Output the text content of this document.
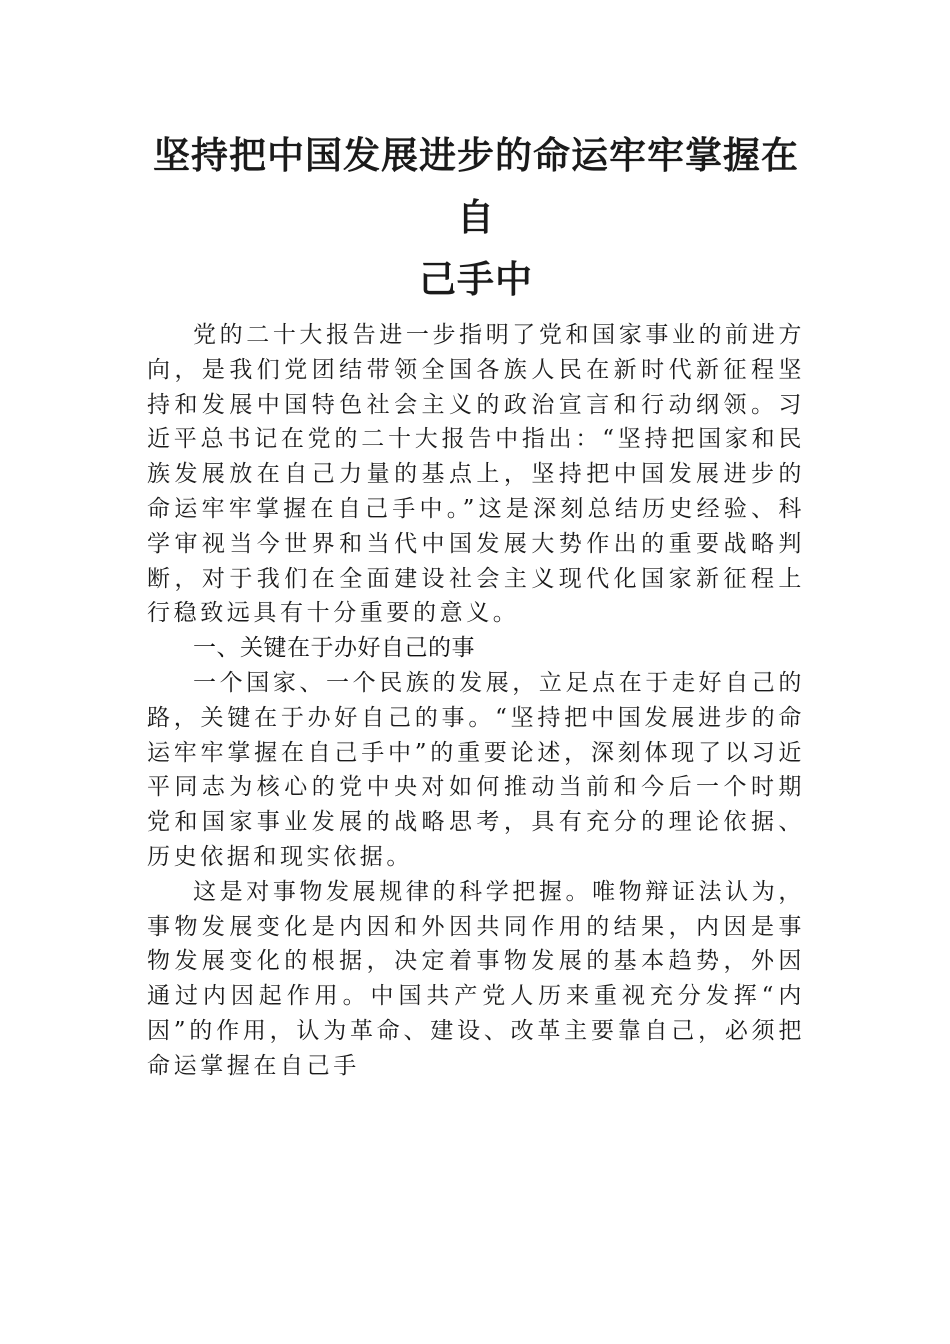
坚持把中国发展进步的命运牢牢掌握在自
己手中

党的二十大报告进一步指明了党和国家事业的前进方向，是我们党团结带领全国各族人民在新时代新征程坚持和发展中国特色社会主义的政治宣言和行动纲领。习近平总书记在党的二十大报告中指出：“坚持把国家和民族发展放在自己力量的基点上，坚持把中国发展进步的命运牢牢掌握在自己手中。”这是深刻总结历史经验、科学审视当今世界和当代中国发展大势作出的重要战略判断，对于我们在全面建设社会主义现代化国家新征程上行稳致远具有十分重要的意义。

一、关键在于办好自己的事

一个国家、一个民族的发展，立足点在于走好自己的路，关键在于办好自己的事。“坚持把中国发展进步的命运牢牢掌握在自己手中”的重要论述，深刻体现了以习近平同志为核心的党中央对如何推动当前和今后一个时期党和国家事业发展的战略思考，具有充分的理论依据、历史依据和现实依据。

这是对事物发展规律的科学把握。唯物辩证法认为，事物发展变化是内因和外因共同作用的结果，内因是事物发展变化的根据，决定着事物发展的基本趋势，外因通过内因起作用。中国共产党人历来重视充分发挥“内因”的作用，认为革命、建设、改革主要靠自己，必须把命运掌握在自己手
